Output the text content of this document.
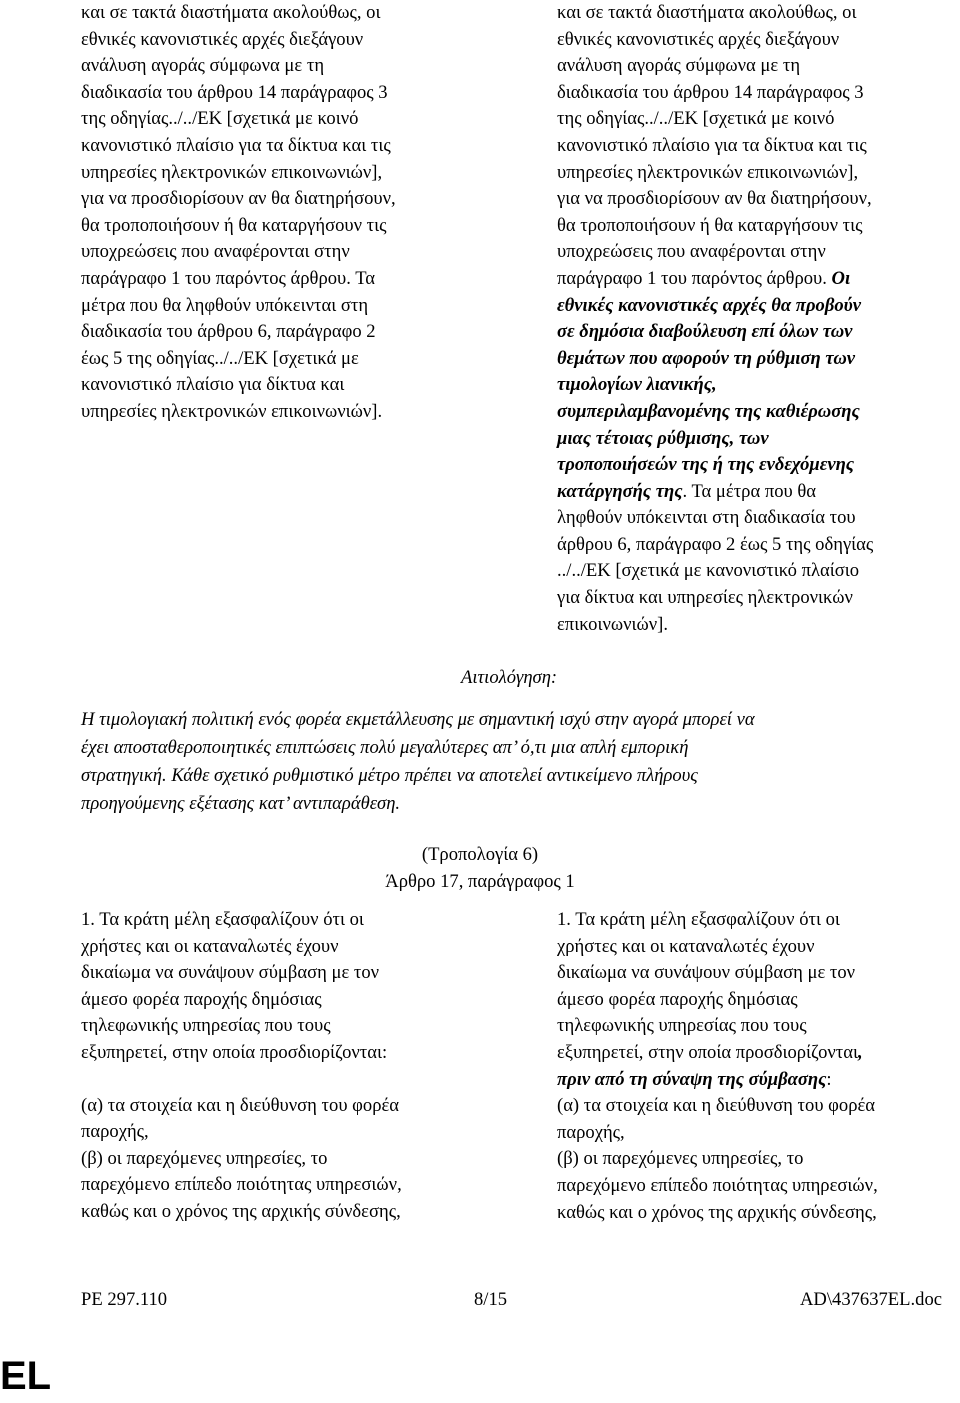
και σε τακτά διαστήματα ακολούθως, οι
εθνικές κανονιστικές αρχές διεξάγουν
ανάλυση αγοράς σύμφωνα με τη
διαδικασία του άρθρου 14 παράγραφος 3
της οδηγίας../../ΕΚ [σχετικά με κοινό
κανονιστικό πλαίσιο για τα δίκτυα και τις
υπηρεσίες ηλεκτρονικών επικοινωνιών],
για να προσδιορίσουν αν θα διατηρήσουν,
θα τροποποιήσουν ή θα καταργήσουν τις
υποχρεώσεις που αναφέρονται στην
παράγραφο 1 του παρόντος άρθρου. Τα
μέτρα που θα ληφθούν υπόκεινται στη
διαδικασία του άρθρου 6, παράγραφο 2
έως 5 της οδηγίας../../ΕΚ [σχετικά με
κανονιστικό πλαίσιο για δίκτυα και
υπηρεσίες ηλεκτρονικών επικοινωνιών].
και σε τακτά διαστήματα ακολούθως, οι
εθνικές κανονιστικές αρχές διεξάγουν
ανάλυση αγοράς σύμφωνα με τη
διαδικασία του άρθρου 14 παράγραφος 3
της οδηγίας../../ΕΚ [σχετικά με κοινό
κανονιστικό πλαίσιο για τα δίκτυα και τις
υπηρεσίες ηλεκτρονικών επικοινωνιών],
για να προσδιορίσουν αν θα διατηρήσουν,
θα τροποποιήσουν ή θα καταργήσουν τις
υποχρεώσεις που αναφέρονται στην
παράγραφο 1 του παρόντος άρθρου. Οι
εθνικές κανονιστικές αρχές θα προβούν
σε δημόσια διαβούλευση επί όλων των
θεμάτων που αφορούν τη ρύθμιση των
τιμολογίων λιανικής,
συμπεριλαμβανομένης της καθιέρωσης
μιας τέτοιας ρύθμισης, των
τροποποιήσεών της ή της ενδεχόμενης
κατάργησής της. Τα μέτρα που θα
ληφθούν υπόκεινται στη διαδικασία του
άρθρου 6, παράγραφο 2 έως 5 της οδηγίας
../../ΕΚ [σχετικά με κανονιστικό πλαίσιο
για δίκτυα και υπηρεσίες ηλεκτρονικών
επικοινωνιών].
Αιτιολόγηση:
Η τιμολογιακή πολιτική ενός φορέα εκμετάλλευσης με σημαντική ισχύ στην αγορά μπορεί να
έχει αποσταθεροποιητικές επιπτώσεις πολύ μεγαλύτερες απ’ ό,τι μια απλή εμπορική
στρατηγική. Κάθε σχετικό ρυθμιστικό μέτρο πρέπει να αποτελεί αντικείμενο πλήρους
προηγούμενης εξέτασης κατ’ αντιπαράθεση.
(Τροπολογία 6)
Άρθρο 17, παράγραφος 1
1. Τα κράτη μέλη εξασφαλίζουν ότι οι
χρήστες και οι καταναλωτές έχουν
δικαίωμα να συνάψουν σύμβαση με τον
άμεσο φορέα παροχής δημόσιας
τηλεφωνικής υπηρεσίας που τους
εξυπηρετεί, στην οποία προσδιορίζονται:
(α) τα στοιχεία και η διεύθυνση του φορέα
παροχής,
(β) οι παρεχόμενες υπηρεσίες, το
παρεχόμενο επίπεδο ποιότητας υπηρεσιών,
καθώς και ο χρόνος της αρχικής σύνδεσης,
1. Τα κράτη μέλη εξασφαλίζουν ότι οι
χρήστες και οι καταναλωτές έχουν
δικαίωμα να συνάψουν σύμβαση με τον
άμεσο φορέα παροχής δημόσιας
τηλεφωνικής υπηρεσίας που τους
εξυπηρετεί, στην οποία προσδιορίζονται,
πριν από τη σύναψη της σύμβασης:
(α) τα στοιχεία και η διεύθυνση του φορέα
παροχής,
(β) οι παρεχόμενες υπηρεσίες, το
παρεχόμενο επίπεδο ποιότητας υπηρεσιών,
καθώς και ο χρόνος της αρχικής σύνδεσης,
PE 297.110	8/15	AD\437637EL.doc
EL
